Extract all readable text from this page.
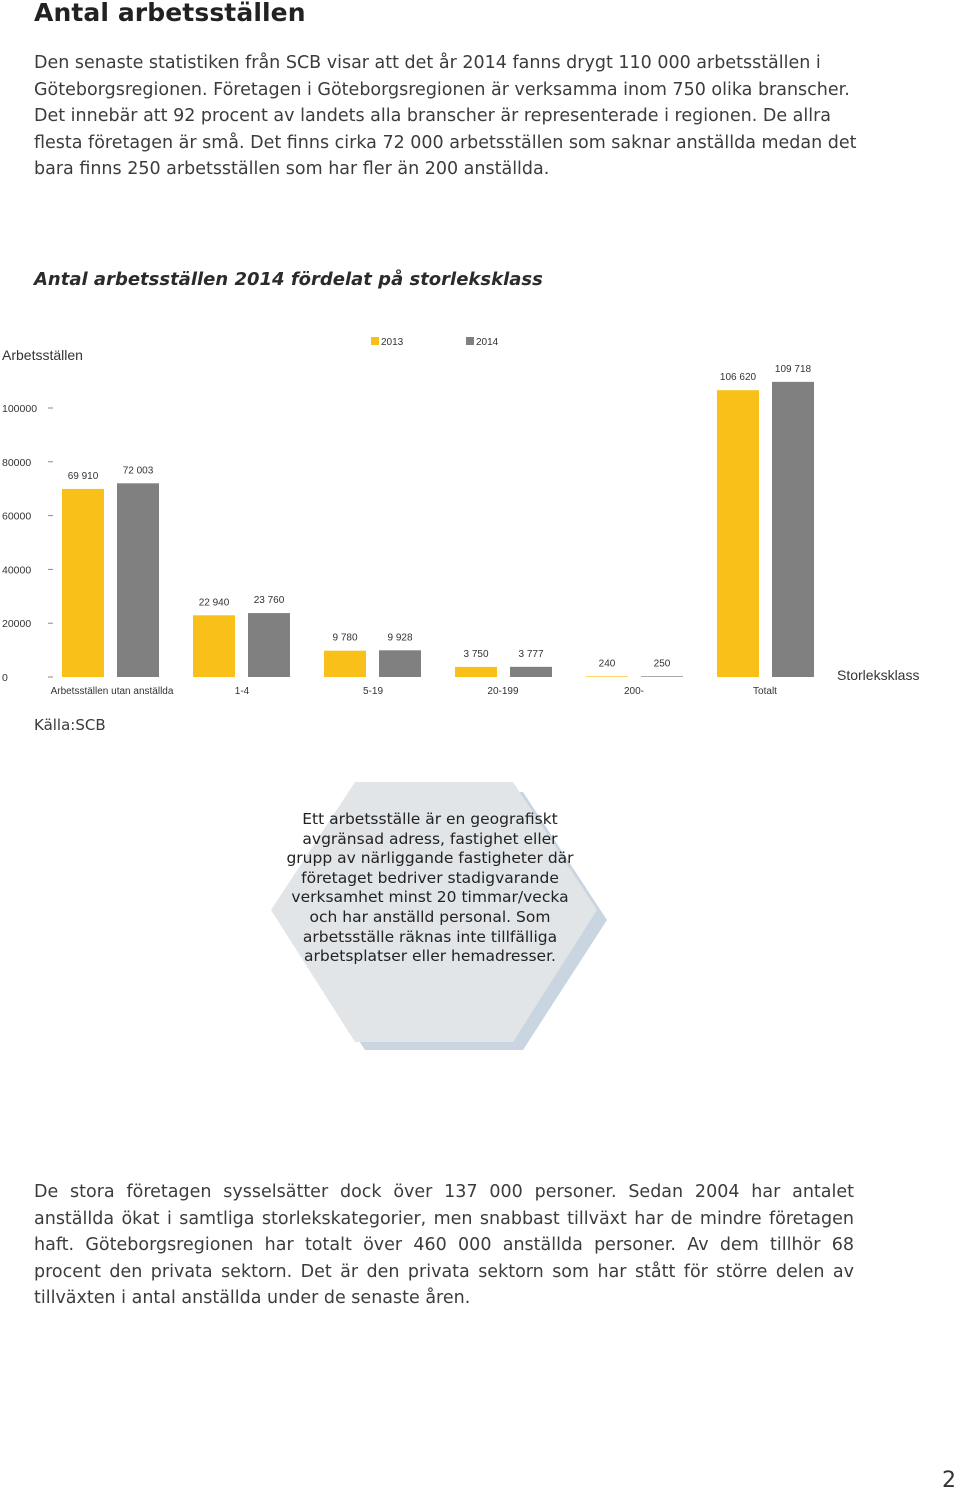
Antal arbetsställen

Den senaste statistiken från SCB visar att det år 2014 fanns drygt 110 000 arbetsställen i Göteborgsregionen. Företagen i Göteborgsregionen är verksamma inom 750 olika branscher. Det innebär att 92 procent av landets alla branscher är representerade i regionen. De allra flesta företagen är små. Det finns cirka 72 000 arbetsställen som saknar anställda medan det bara finns 250 arbetsställen som har fler än 200 anställda.

Antal arbetsställen 2014 fördelat på storleksklass
0
20000
40000
60000
80000
100000
Arbetsställen
2013	2014
69 910
22 940
9 780
3 750
240
106 620
72 003
23 760
9 928
3 777
250
109 718
Arbetsställen utan anställda	1-4	5-19	20-199	200-	Totalt
Storleksklass
Källa:SCB

Ett arbetsställe är en geografiskt avgränsad adress, fastighet eller grupp av närliggande fastigheter där företaget bedriver stadigvarande verksamhet minst 20 timmar/vecka och har anställd personal. Som arbetsställe räknas inte tillfälliga arbetsplatser eller hemadresser.

De stora företagen sysselsätter dock över 137 000 personer. Sedan 2004 har antalet anställda ökat i samtliga storlekskategorier, men snabbast tillväxt har de mindre företagen haft. Göteborgsregionen har totalt över 460 000 anställda personer. Av dem tillhör 68 procent den privata sektorn. Det är den privata sektorn som har stått för större delen av tillväxten i antal anställda under de senaste åren.

2
